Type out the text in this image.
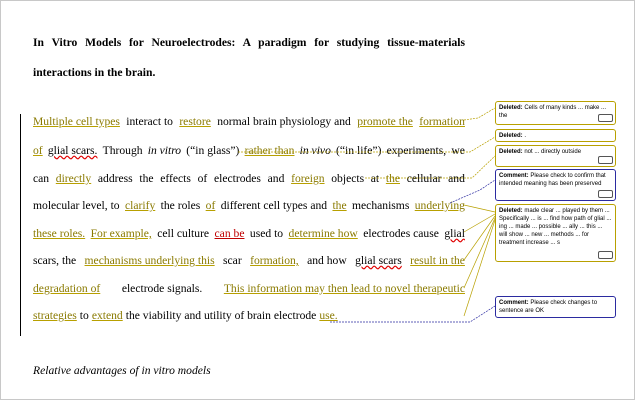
In Vitro Models for Neuroelectrodes: A paradigm for studying tissue-materials interactions in the brain.
Multiple cell types interact to restore normal brain physiology and promote the formation
of glial scars. Through in vitro (“in glass”) rather than in vivo (“in life”) experiments, we
can directly address the effects of electrodes and foreign objects at the cellular and
molecular level, to clarify the roles of different cell types and the mechanisms underlying
these roles. For example, cell culture can be used to determine how electrodes cause glial
scars, the mechanisms underlying this scar formation, and how glial scars result in the
degradation of electrode signals. This information may then lead to novel therapeutic
strategies to extend the viability and utility of brain electrode use.
Relative advantages of in vitro models
Deleted: Cells of many kinds ... make ... the
Deleted: .
Deleted: not ... directly outside
Comment: Please check to confirm that intended meaning has been preserved
Deleted: made clear ... played by them ... Specifically ... is ... find how path of glial ... ing ... made ... possible ... ally ... this ... will show ... new ... methods ... for treatment increase ... s
Comment: Please check changes to sentence are OK
